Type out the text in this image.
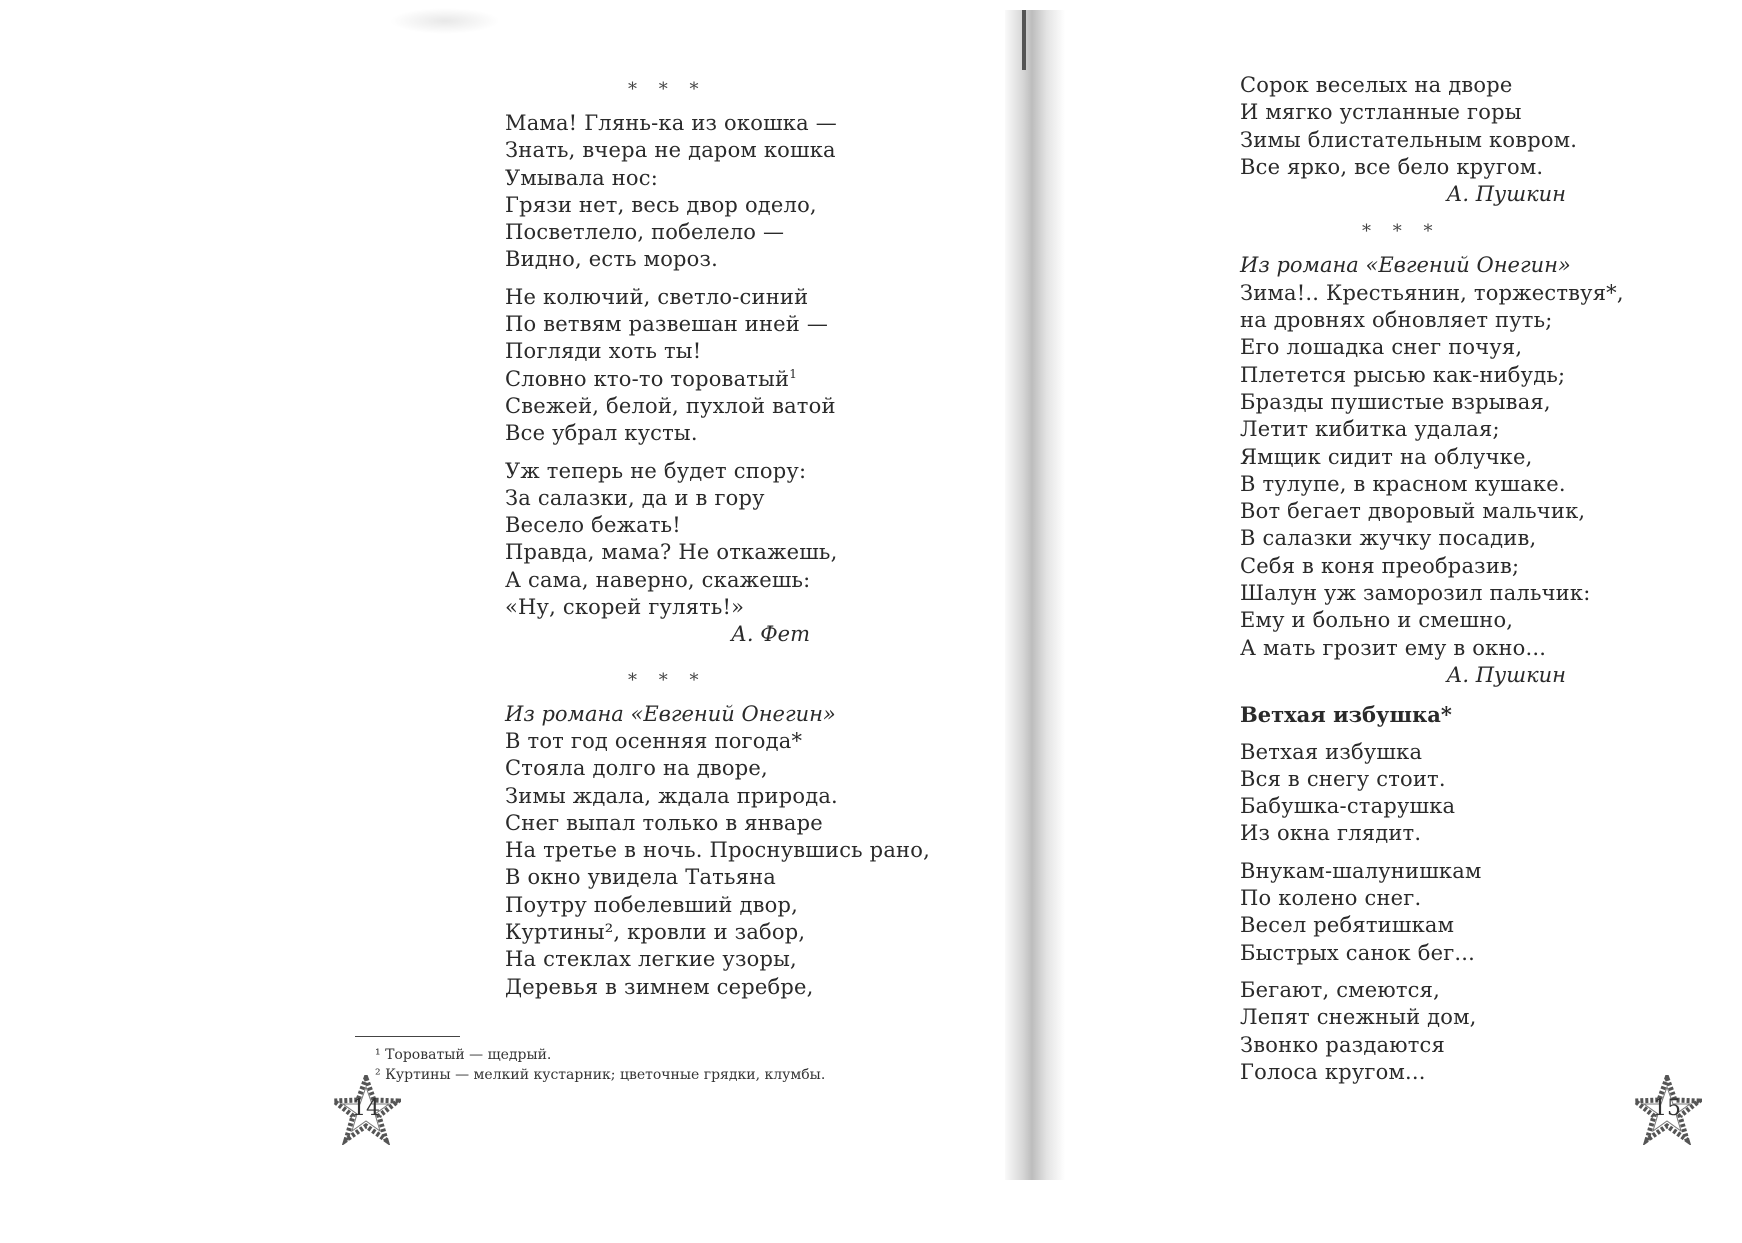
* * *
Мама! Глянь-ка из окошка —
Знать, вчера не даром кошка
Умывала нос:
Грязи нет, весь двор одело,
Посветлело, побелело —
Видно, есть мороз.
Не колючий, светло-синий
По ветвям развешан иней —
Погляди хоть ты!
Словно кто-то тороватый$^1$
Свежей, белой, пухлой ватой
Все убрал кусты.
Уж теперь не будет спору:
За салазки, да и в гору
Весело бежать!
Правда, мама? Не откажешь,
А сама, наверно, скажешь:
«Ну, скорей гулять!»
А. Фет
* * *
Из романа «Евгений Онегин»
В тот год осенняя погода*
Стояла долго на дворе,
Зимы ждала, ждала природа.
Снег выпал только в январе
На третье в ночь. Проснувшись рано,
В окно увидела Татьяна
Поутру побелевший двор,
Куртины², кровли и забор,
На стеклах легкие узоры,
Деревья в зимнем серебре,
¹ Тороватый — щедрый.
² Куртины — мелкий кустарник; цветочные грядки, клумбы.
14
Сорок веселых на дворе
И мягко устланные горы
Зимы блистательным ковром.
Все ярко, все бело кругом.
А. Пушкин
* * *
Из романа «Евгений Онегин»
Зима!.. Крестьянин, торжествуя*,
на дровнях обновляет путь;
Его лошадка снег почуя,
Плетется рысью как-нибудь;
Бразды пушистые взрывая,
Летит кибитка удалая;
Ямщик сидит на облучке,
В тулупе, в красном кушаке.
Вот бегает дворовый мальчик,
В салазки жучку посадив,
Себя в коня преобразив;
Шалун уж заморозил пальчик:
Ему и больно и смешно,
А мать грозит ему в окно...
А. Пушкин
Ветхая избушка*
Ветхая избушка
Вся в снегу стоит.
Бабушка-старушка
Из окна глядит.
Внукам-шалунишкам
По колено снег.
Весел ребятишкам
Быстрых санок бег...
Бегают, смеются,
Лепят снежный дом,
Звонко раздаются
Голоса кругом...
15
